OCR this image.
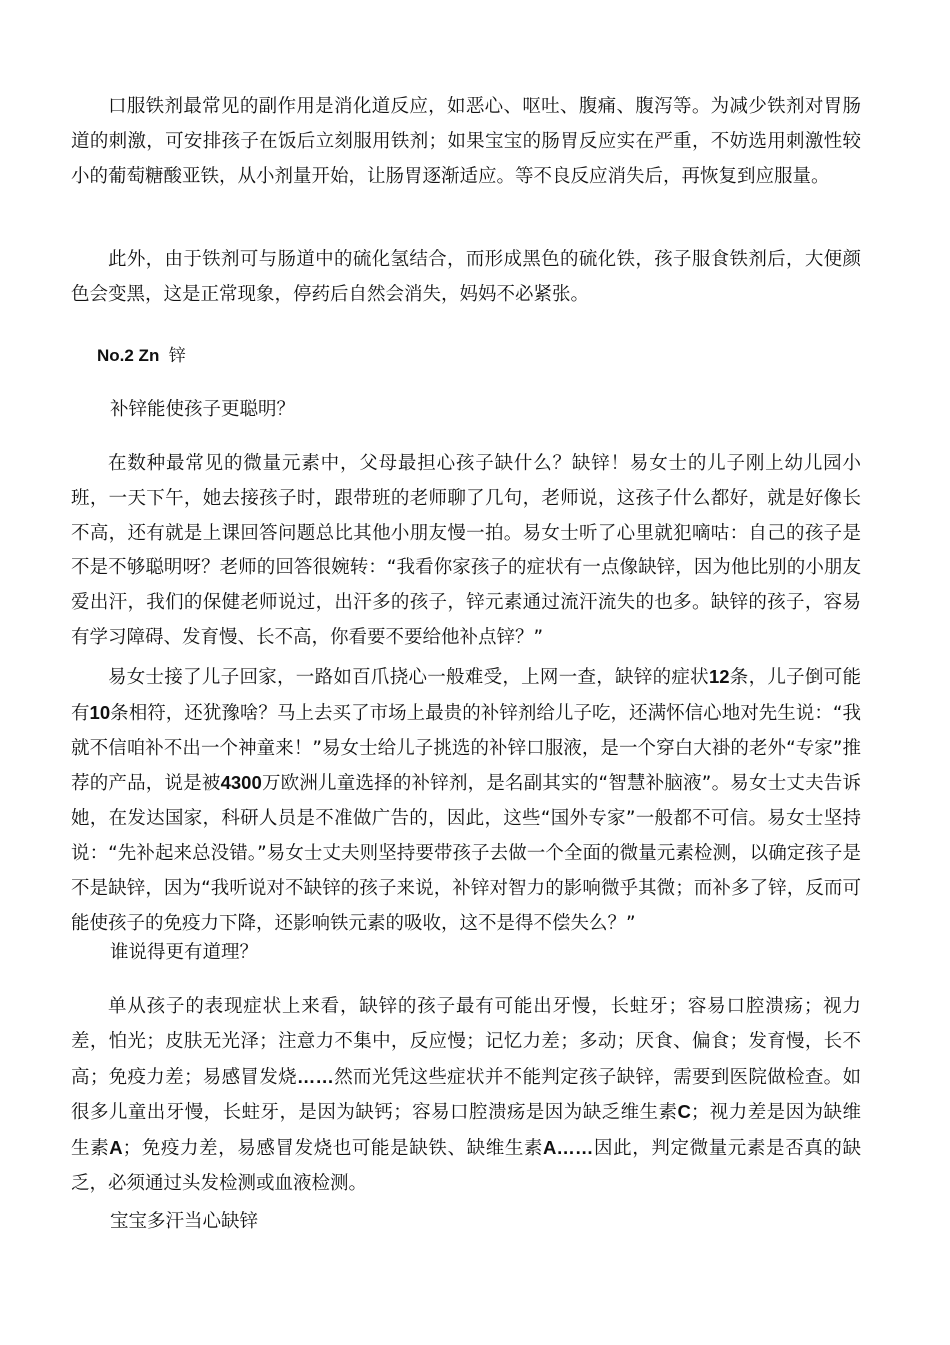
口服铁剂最常见的副作用是消化道反应，如恶心、呕吐、腹痛、腹泻等。为减少铁剂对胃肠道的刺激，可安排孩子在饭后立刻服用铁剂；如果宝宝的肠胃反应实在严重，不妨选用刺激性较小的葡萄糖酸亚铁，从小剂量开始，让肠胃逐渐适应。等不良反应消失后，再恢复到应服量。

此外，由于铁剂可与肠道中的硫化氢结合，而形成黑色的硫化铁，孩子服食铁剂后，大便颜色会变黑，这是正常现象，停药后自然会消失，妈妈不必紧张。

No.2 Zn 锌

补锌能使孩子更聪明？

在数种最常见的微量元素中，父母最担心孩子缺什么？缺锌！易女士的儿子刚上幼儿园小班，一天下午，她去接孩子时，跟带班的老师聊了几句，老师说，这孩子什么都好，就是好像长不高，还有就是上课回答问题总比其他小朋友慢一拍。易女士听了心里就犯嘀咕：自己的孩子是不是不够聪明呀？老师的回答很婉转：“我看你家孩子的症状有一点像缺锌，因为他比别的小朋友爱出汗，我们的保健老师说过，出汗多的孩子，锌元素通过流汗流失的也多。缺锌的孩子，容易有学习障碍、发育慢、长不高，你看要不要给他补点锌？”

易女士接了儿子回家，一路如百爪挠心一般难受，上网一查，缺锌的症状12条，儿子倒可能有10条相符，还犹豫啥？马上去买了市场上最贵的补锌剂给儿子吃，还满怀信心地对先生说：“我就不信咱补不出一个神童来！”易女士给儿子挑选的补锌口服液，是一个穿白大褂的老外“专家”推荐的产品，说是被4300万欧洲儿童选择的补锌剂，是名副其实的“智慧补脑液”。易女士丈夫告诉她，在发达国家，科研人员是不准做广告的，因此，这些“国外专家”一般都不可信。易女士坚持说：“先补起来总没错。”易女士丈夫则坚持要带孩子去做一个全面的微量元素检测，以确定孩子是不是缺锌，因为“我听说对不缺锌的孩子来说，补锌对智力的影响微乎其微；而补多了锌，反而可能使孩子的免疫力下降，还影响铁元素的吸收，这不是得不偿失么？”

谁说得更有道理？

单从孩子的表现症状上来看，缺锌的孩子最有可能出牙慢，长蛀牙；容易口腔溃疡；视力差，怕光；皮肤无光泽；注意力不集中，反应慢；记忆力差；多动；厌食、偏食；发育慢，长不高；免疫力差；易感冒发烧……然而光凭这些症状并不能判定孩子缺锌，需要到医院做检查。如很多儿童出牙慢，长蛀牙，是因为缺钙；容易口腔溃疡是因为缺乏维生素C；视力差是因为缺维生素A；免疫力差，易感冒发烧也可能是缺铁、缺维生素A……因此，判定微量元素是否真的缺乏，必须通过头发检测或血液检测。

宝宝多汗当心缺锌
